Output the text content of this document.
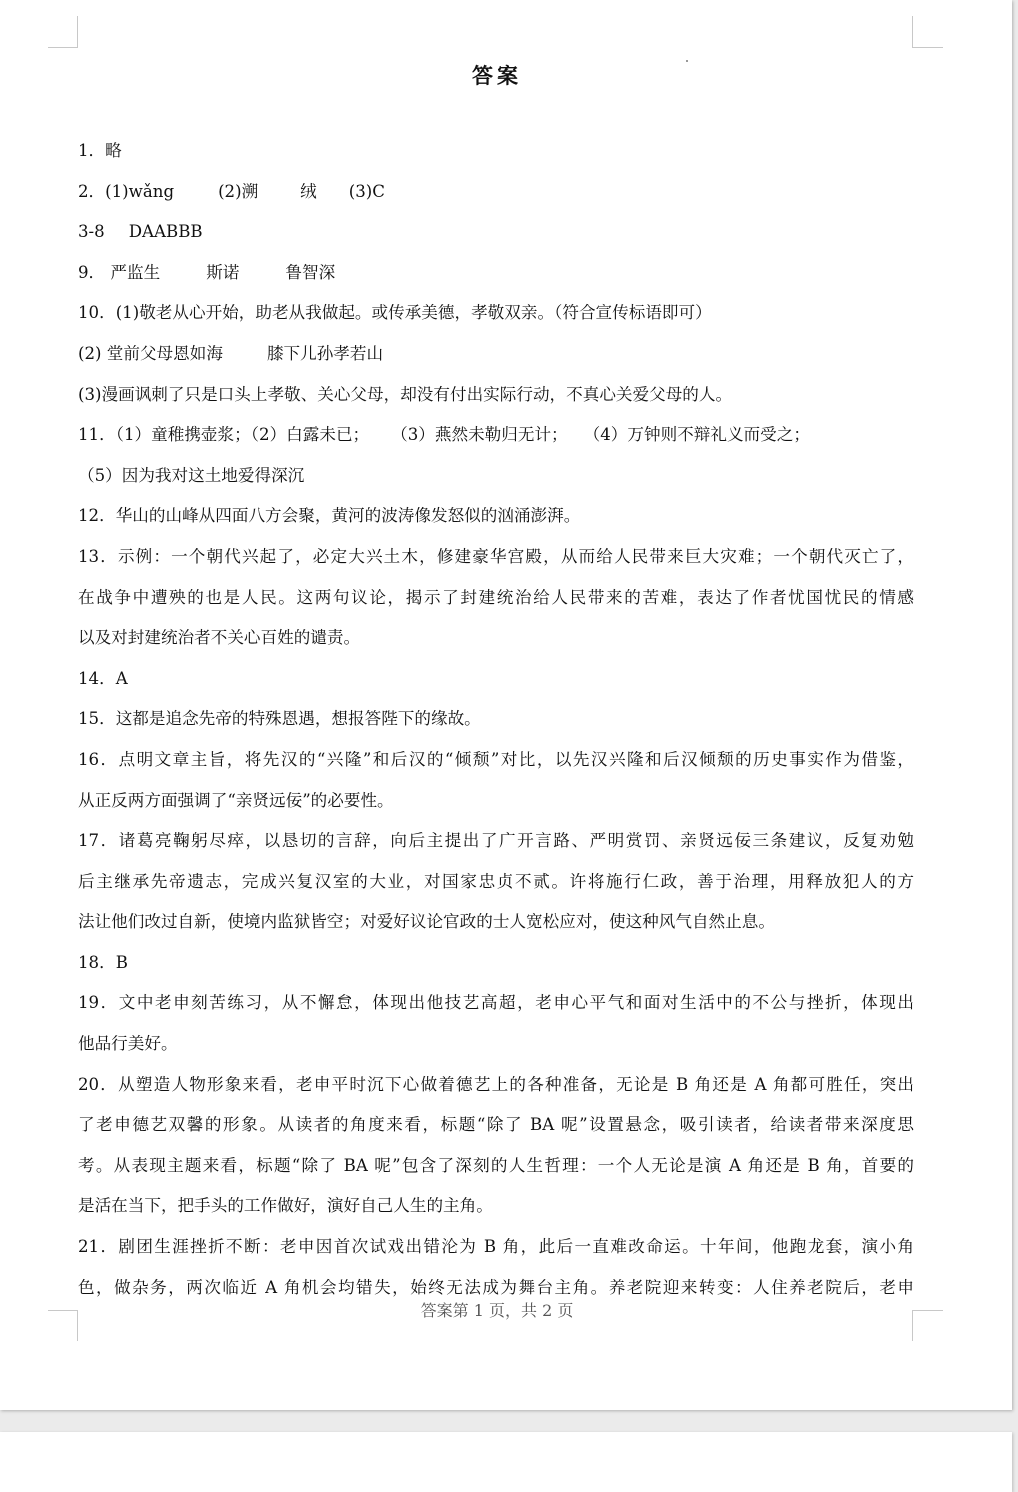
答案
1．略
2．(1)wǎng	(2)溯	绒 (3)C
3-8 DAABBB
9． 严监生	斯诺	鲁智深
10．(1)敬老从心开始，助老从我做起。或传承美德，孝敬双亲。（符合宣传标语即可）
(2) 堂前父母恩如海	膝下儿孙孝若山
(3)漫画讽刺了只是口头上孝敬、关心父母，却没有付出实际行动，不真心关爱父母的人。
11．（1）童稚携壶浆；（2）白露未已； （3）燕然未勒归无计； （4）万钟则不辩礼义而受之；
（5）因为我对这土地爱得深沉
12．华山的山峰从四面八方会聚，黄河的波涛像发怒似的汹涌澎湃。
13．示例：一个朝代兴起了，必定大兴土木，修建豪华宫殿，从而给人民带来巨大灾难；一个朝代灭亡了，
在战争中遭殃的也是人民。这两句议论，揭示了封建统治给人民带来的苦难，表达了作者忧国忧民的情感
以及对封建统治者不关心百姓的谴责。
14．A
15．这都是追念先帝的特殊恩遇，想报答陛下的缘故。
16．点明文章主旨，将先汉的“兴隆”和后汉的“倾颓”对比，以先汉兴隆和后汉倾颓的历史事实作为借鉴，
从正反两方面强调了“亲贤远佞”的必要性。
17．诸葛亮鞠躬尽瘁，以恳切的言辞，向后主提出了广开言路、严明赏罚、亲贤远佞三条建议，反复劝勉
后主继承先帝遗志，完成兴复汉室的大业，对国家忠贞不贰。许将施行仁政，善于治理，用释放犯人的方
法让他们改过自新，使境内监狱皆空；对爱好议论官政的士人宽松应对，使这种风气自然止息。
18．B
19．文中老申刻苦练习，从不懈怠，体现出他技艺高超，老申心平气和面对生活中的不公与挫折，体现出
他品行美好。
20．从塑造人物形象来看，老申平时沉下心做着德艺上的各种准备，无论是 B 角还是 A 角都可胜任，突出
了老申德艺双馨的形象。从读者的角度来看，标题“除了 BA 呢”设置悬念，吸引读者，给读者带来深度思
考。从表现主题来看，标题“除了 BA 呢”包含了深刻的人生哲理：一个人无论是演 A 角还是 B 角，首要的
是活在当下，把手头的工作做好，演好自己人生的主角。
21．剧团生涯挫折不断：老申因首次试戏出错沦为 B 角，此后一直难改命运。十年间，他跑龙套，演小角
色，做杂务，两次临近 A 角机会均错失，始终无法成为舞台主角。养老院迎来转变：人住养老院后，老申
答案第 1 页，共 2 页
